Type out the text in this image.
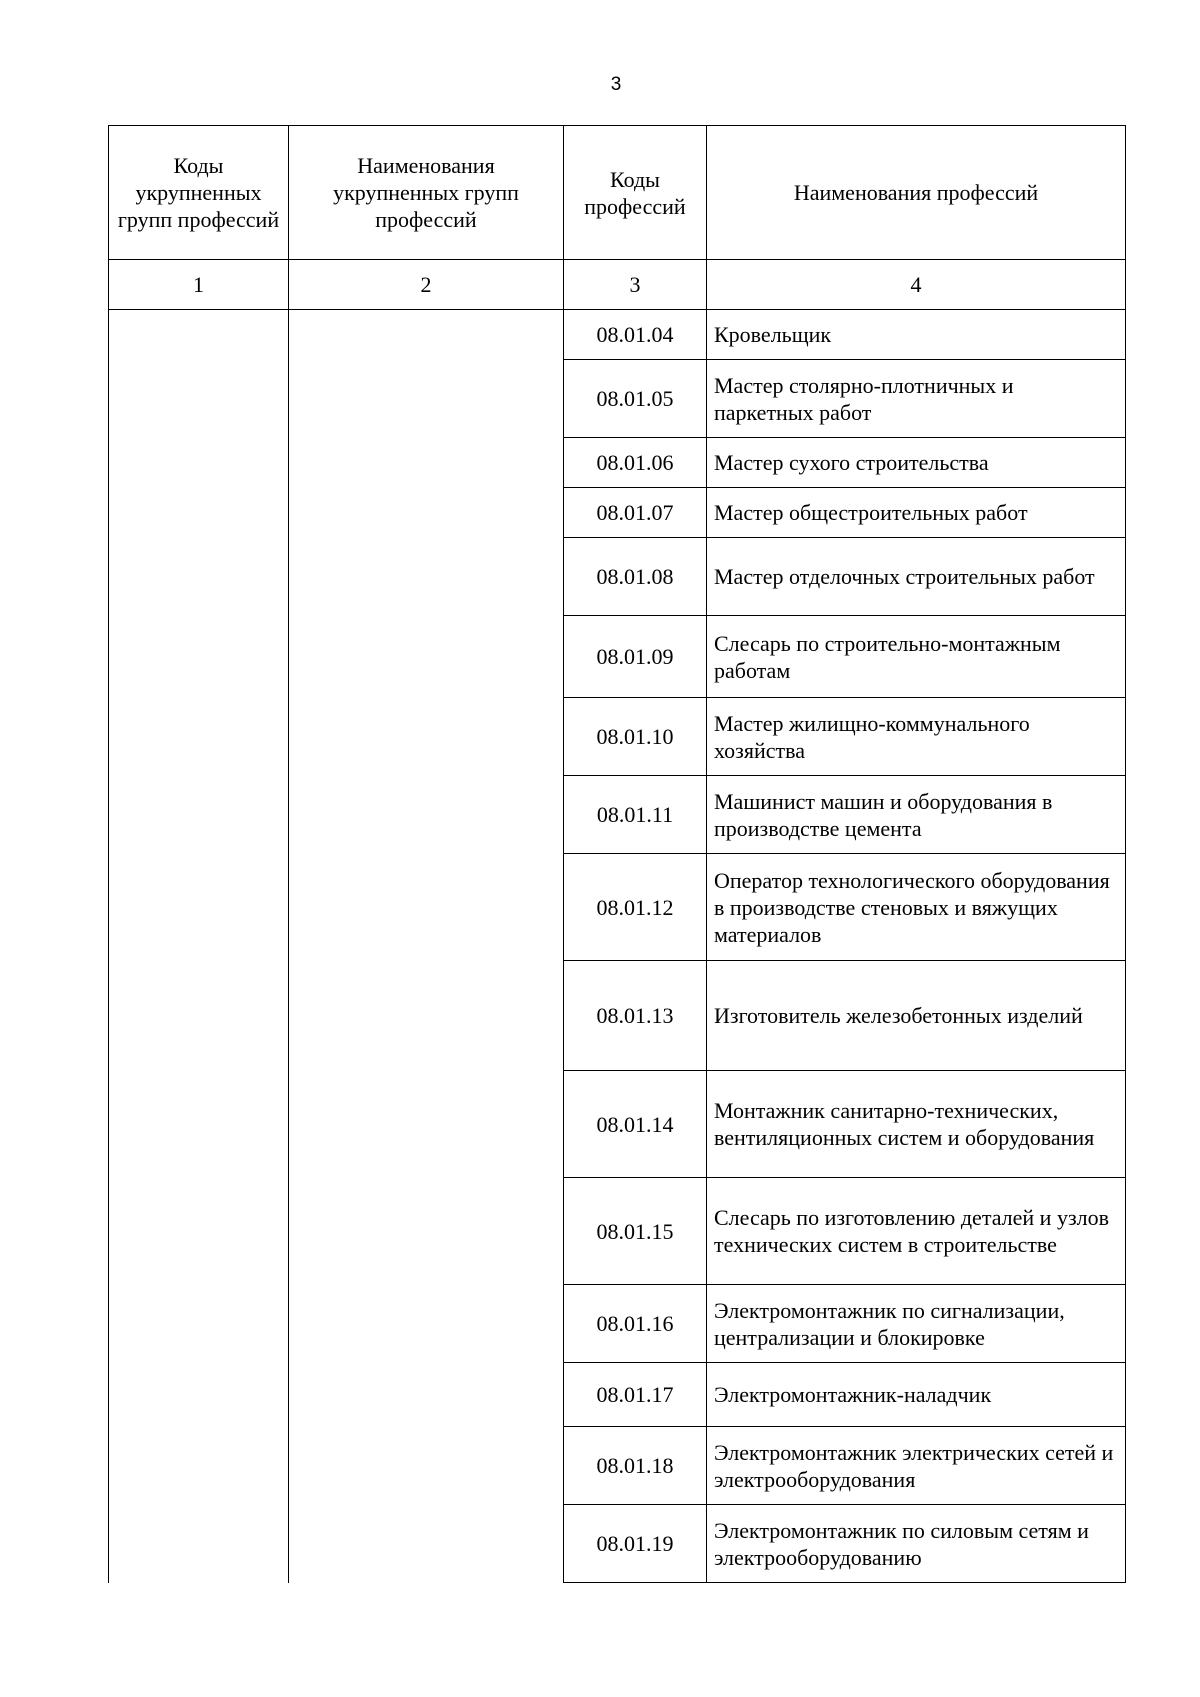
3
Коды укрупненных групп профессий	Наименования укрупненных групп профессий	Коды профессий	Наименования профессий
1	2	3	4
		08.01.04	Кровельщик
		08.01.05	Мастер столярно-плотничных и паркетных работ
		08.01.06	Мастер сухого строительства
		08.01.07	Мастер общестроительных работ
		08.01.08	Мастер отделочных строительных работ
		08.01.09	Слесарь по строительно-монтажным работам
		08.01.10	Мастер жилищно-коммунального хозяйства
		08.01.11	Машинист машин и оборудования в производстве цемента
		08.01.12	Оператор технологического оборудования в производстве стеновых и вяжущих материалов
		08.01.13	Изготовитель железобетонных изделий
		08.01.14	Монтажник санитарно-технических, вентиляционных систем и оборудования
		08.01.15	Слесарь по изготовлению деталей и узлов технических систем в строительстве
		08.01.16	Электромонтажник по сигнализации, централизации и блокировке
		08.01.17	Электромонтажник-наладчик
		08.01.18	Электромонтажник электрических сетей и электрооборудования
		08.01.19	Электромонтажник по силовым сетям и электрооборудованию
